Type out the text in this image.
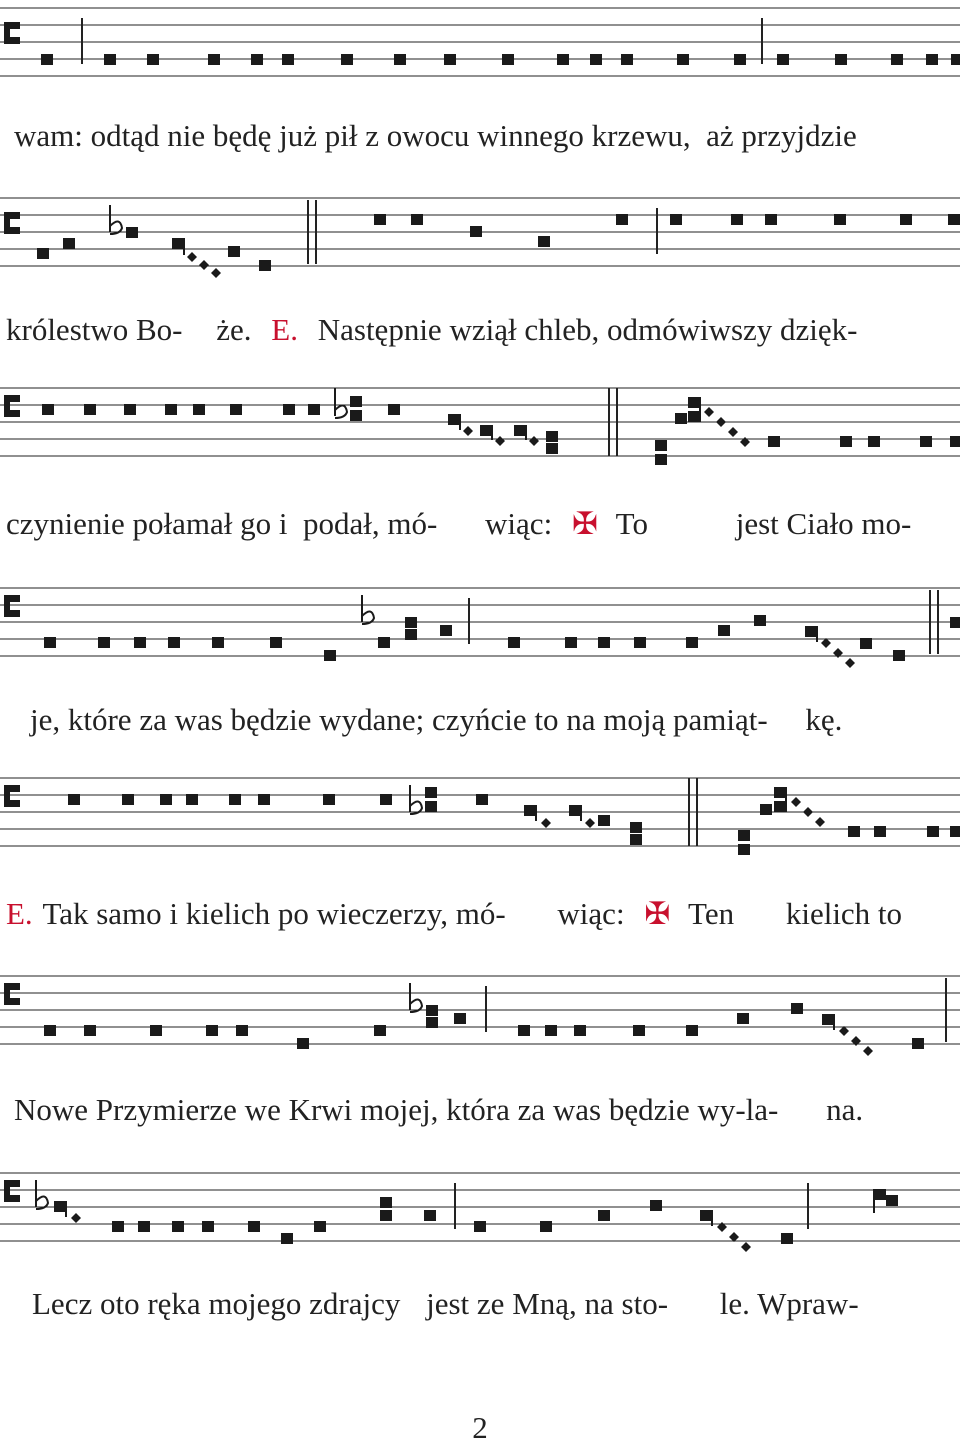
wam: odtąd nie będę już pił z owocu winnego krzewu,  aż przyjdzie
królestwo Bo- że. E. Następnie wziął chleb, odmówiwszy dzięk-
czynienie połamał go i  podał, mó- wiąc: ✠ To	jest Ciało mo-
je, które za was będzie wydane; czyńcie to na moją pamiąt- kę.
E. Tak samo i kielich po wieczerzy, mó- wiąc: ✠ Ten kielich to
Nowe Przymierze we Krwi mojej, która za was będzie wy-la- na.
Lecz oto ręka mojego zdrajcy jest ze Mną, na sto- le. Wpraw-
2
